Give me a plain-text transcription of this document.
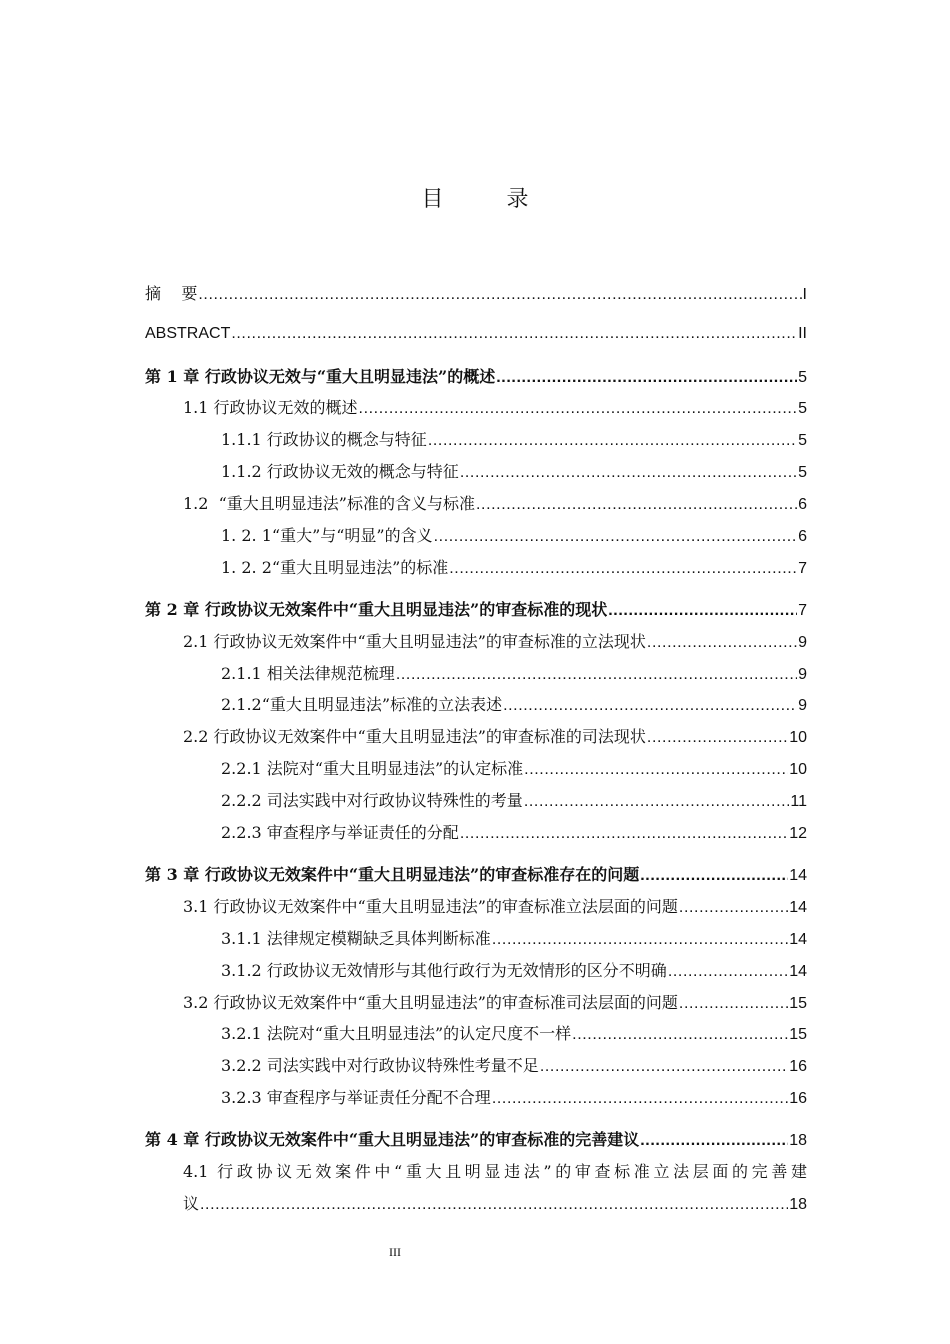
目 录
摘    要 .....	I
ABSTRACT .....	II
第 1 章 行政协议无效与“重大且明显违法”的概述 .....	5
1.1 行政协议无效的概述 .....	5
1.1.1 行政协议的概念与特征 .....	5
1.1.2 行政协议无效的概念与特征 .....	5
1.2  “重大且明显违法”标准的含义与标准 .....	6
1. 2. 1“重大”与“明显”的含义 .....	6
1. 2. 2“重大且明显违法”的标准 .....	7
第 2 章 行政协议无效案件中“重大且明显违法”的审查标准的现状 .....	7
2.1 行政协议无效案件中“重大且明显违法”的审查标准的立法现状 .....	9
2.1.1 相关法律规范梳理 .....	9
2.1.2“重大且明显违法”标准的立法表述 .....	9
2.2 行政协议无效案件中“重大且明显违法”的审查标准的司法现状 .....	10
2.2.1 法院对“重大且明显违法”的认定标准 .....	10
2.2.2 司法实践中对行政协议特殊性的考量 .....	11
2.2.3 审查程序与举证责任的分配 .....	12
第 3 章 行政协议无效案件中“重大且明显违法”的审查标准存在的问题 .....	14
3.1 行政协议无效案件中“重大且明显违法”的审查标准立法层面的问题 .....	14
3.1.1 法律规定模糊缺乏具体判断标准 .....	14
3.1.2 行政协议无效情形与其他行政行为无效情形的区分不明确 .....	14
3.2 行政协议无效案件中“重大且明显违法”的审查标准司法层面的问题 .....	15
3.2.1 法院对“重大且明显违法”的认定尺度不一样 .....	15
3.2.2 司法实践中对行政协议特殊性考量不足 .....	16
3.2.3 审查程序与举证责任分配不合理 .....	16
第 4 章 行政协议无效案件中“重大且明显违法”的审查标准的完善建议 .....	18
4.1 行政协议无效案件中“重大且明显违法”的审查标准立法层面的完善建
议 .....	18
III
